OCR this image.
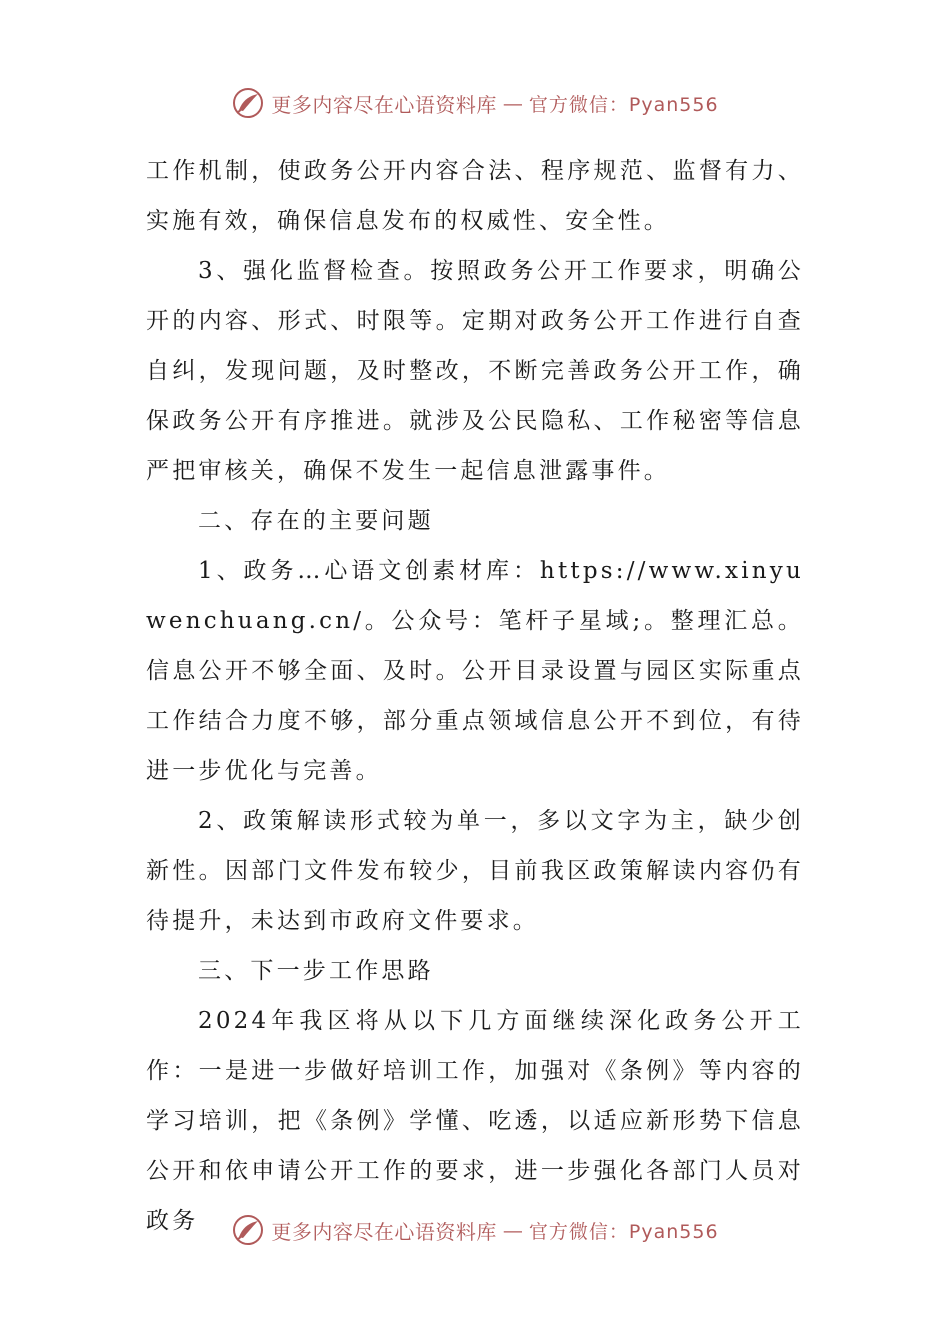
更多内容尽在心语资料库 — 官方微信：Pyan556

工作机制，使政务公开内容合法、程序规范、监督有力、实施有效，确保信息发布的权威性、安全性。

3、强化监督检查。按照政务公开工作要求，明确公开的内容、形式、时限等。定期对政务公开工作进行自查自纠，发现问题，及时整改，不断完善政务公开工作，确保政务公开有序推进。就涉及公民隐私、工作秘密等信息严把审核关，确保不发生一起信息泄露事件。

二、存在的主要问题

1、政务…心语文创素材库：https://www.xinyuwenchuang.cn/。公众号：笔杆子星域;。整理汇总。信息公开不够全面、及时。公开目录设置与园区实际重点工作结合力度不够，部分重点领域信息公开不到位，有待进一步优化与完善。

2、政策解读形式较为单一，多以文字为主，缺少创新性。因部门文件发布较少，目前我区政策解读内容仍有待提升，未达到市政府文件要求。

三、下一步工作思路

2024年我区将从以下几方面继续深化政务公开工作：一是进一步做好培训工作，加强对《条例》等内容的学习培训，把《条例》学懂、吃透，以适应新形势下信息公开和依申请公开工作的要求，进一步强化各部门人员对政务	更多内容尽在心语资料库 — 官方微信：Pyan556
